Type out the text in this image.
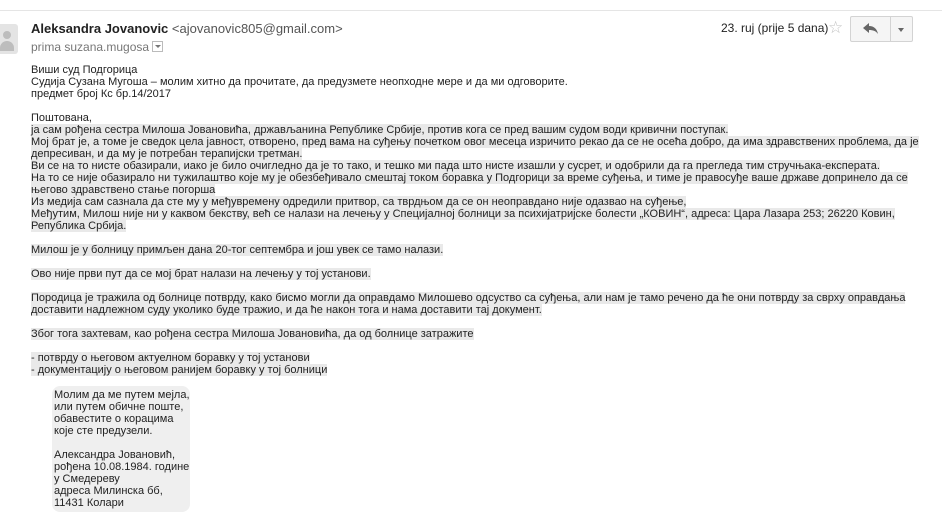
Aleksandra Jovanovic <ajovanovic805@gmail.com>
prima suzana.mugosa
23. ruj (prije 5 dana) ☆
Виши суд Подгорица
Судија Сузана Мугоша – молим хитно да прочитате, да предузмете неопходне мере и да ми одговорите.
предмет број Кс бр.14/2017
Поштована,
ја сам рођена сестра Милоша Јовановића, држављанина Републике Србије, против кога се пред вашим судом води кривични поступак.
Мој брат је, а томе је сведок цела јавност, отворено, пред вама на суђењу почетком овог месеца изричито рекао да се не осећа добро, да има здравствених проблема, да је
депресиван, и да му је потребан терапијски третман.
Ви се на то нисте обазирали, иако је било очигледно да је то тако, и тешко ми пада што нисте изашли у сусрет, и одобрили да га прегледа тим стручњака-експерата.
На то се није обазирало ни тужилаштво које му је обезбеђивало смештај током боравка у Подгорици за време суђења, и тиме је правосуђе ваше државе допринело да се
његово здравствено стање погорша
Из медија сам сазнала да сте му у међувремену одредили притвор, са тврдњом да се он неоправдано није одазвао на суђење,
Међутим, Милош није ни у каквом бекству, већ се налази на лечењу у Специјалној болници за психијатријске болести „КОВИН“, адреса: Цара Лазара 253; 26220 Ковин,
Република Србија.
Милош је у болницу примљен дана 20-тог септембра и још увек се тамо налази.
Ово није први пут да се мој брат налази на лечењу у тој установи.
Породица је тражила од болнице потврду, како бисмо могли да оправдамо Милошево одсуство са суђења, али нам је тамо речено да ће они потврду за сврху оправдања
доставити надлежном суду уколико буде тражио, и да ће након тога и нама доставити тај документ.
Због тога захтевам, као рођена сестра Милоша Јовановића, да од болнице затражите
- потврду о његовом актуелном боравку у тој установи
- документацију о његовом ранијем боравку у тој болници
Молим да ме путем мејла,
или путем обичне поште,
обавестите о корацима
које сте предузели.
Александра Јовановић,
рођена 10.08.1984. године
у Смедереву
адреса Милинска бб,
11431 Колари
